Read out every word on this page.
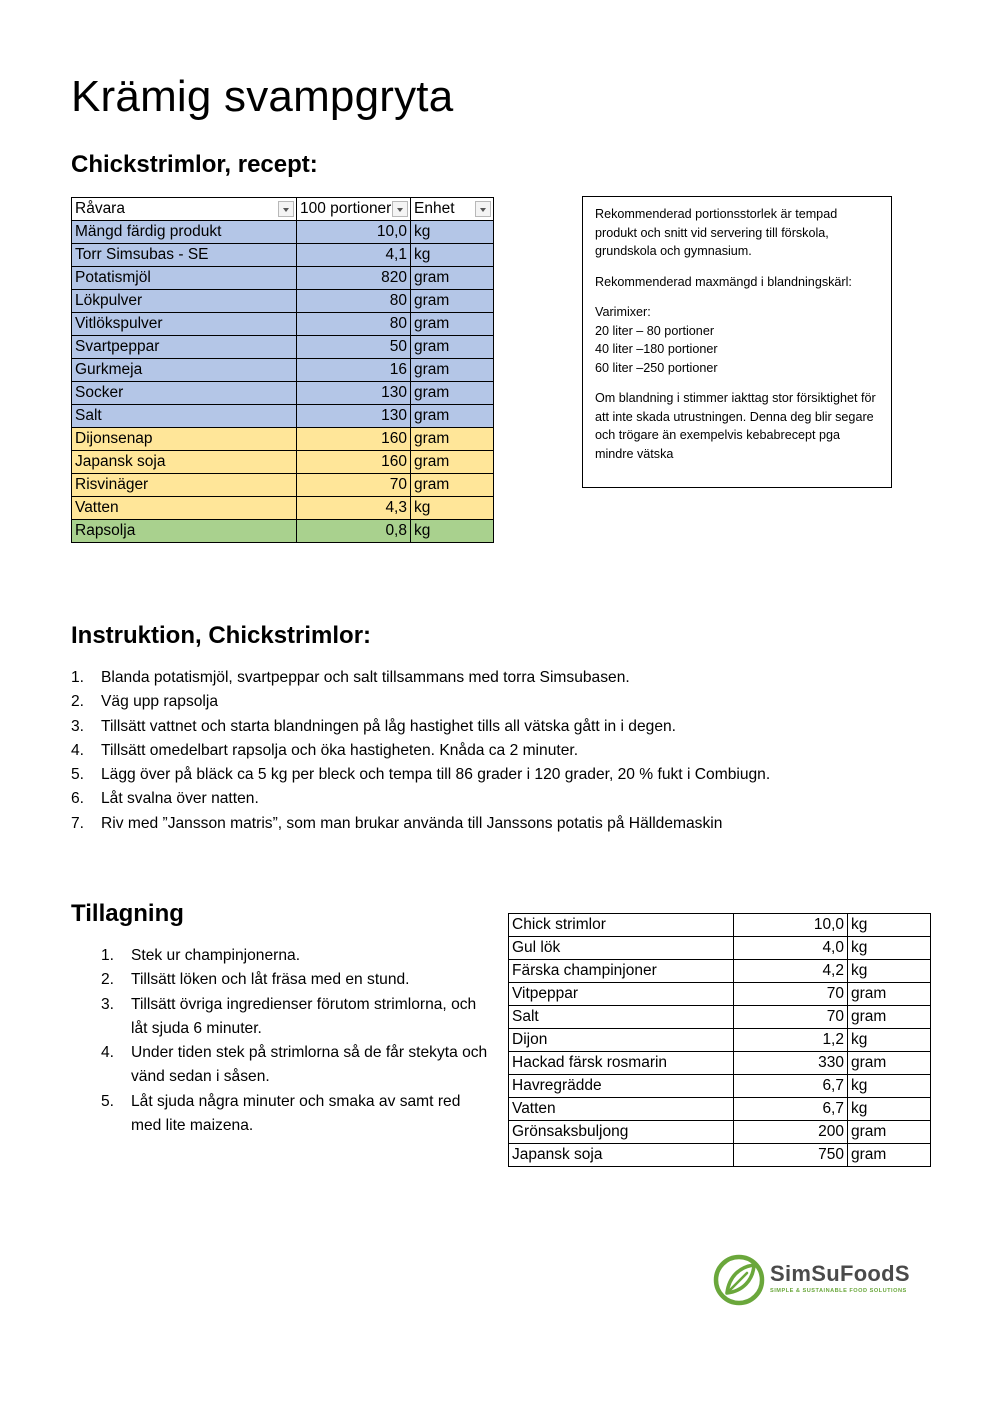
Krämig svampgryta
Chickstrimlor, recept:
Råvara	100 portioner	Enhet

Mängd färdig produkt	10,0	kg
Torr Simsubas - SE	4,1	kg
Potatismjöl	820	gram
Lökpulver	80	gram
Vitlökspulver	80	gram
Svartpeppar	50	gram
Gurkmeja	16	gram
Socker	130	gram
Salt	130	gram
Dijonsenap	160	gram
Japansk soja	160	gram
Risvinäger	70	gram
Vatten	4,3	kg
Rapsolja	0,8	kg

Rekommenderad portionsstorlek är tempad produkt och snitt vid servering till förskola, grundskola och gymnasium.

Rekommenderad maxmängd i blandningskärl:

Varimixer:
20 liter – 80 portioner
40 liter –180 portioner
60 liter –250 portioner

Om blandning i stimmer iakttag stor försiktighet för att inte skada utrustningen. Denna deg blir segare och trögare än exempelvis kebabrecept pga mindre vätska

Instruktion, Chickstrimlor:
1. Blanda potatismjöl, svartpeppar och salt tillsammans med torra Simsubasen.
2. Väg upp rapsolja
3. Tillsätt vattnet och starta blandningen på låg hastighet tills all vätska gått in i degen.
4. Tillsätt omedelbart rapsolja och öka hastigheten. Knåda ca 2 minuter.
5. Lägg över på bläck ca 5 kg per bleck och tempa till 86 grader i 120 grader, 20 % fukt i Combiugn.
6. Låt svalna över natten.
7. Riv med ”Jansson matris”, som man brukar använda till Janssons potatis på Hälldemaskin
Tillagning
1.	Stek ur champinjonerna.
2.	Tillsätt löken och låt fräsa med en stund.
3.	Tillsätt övriga ingredienser förutom strimlorna, och låt sjuda 6 minuter.
4.	Under tiden stek på strimlorna så de får stekyta och vänd sedan i såsen.
5.	Låt sjuda några minuter och smaka av samt red med lite maizena.
Chick strimlor	10,0	kg
Gul lök	4,0	kg
Färska champinjoner	4,2	kg
Vitpeppar	70	gram
Salt	70	gram
Dijon	1,2	kg
Hackad färsk rosmarin	330	gram
Havregrädde	6,7	kg
Vatten	6,7	kg
Grönsaksbuljong	200	gram
Japansk soja	750	gram
SimSuFoodS
SIMPLE & SUSTAINABLE FOOD SOLUTIONS
